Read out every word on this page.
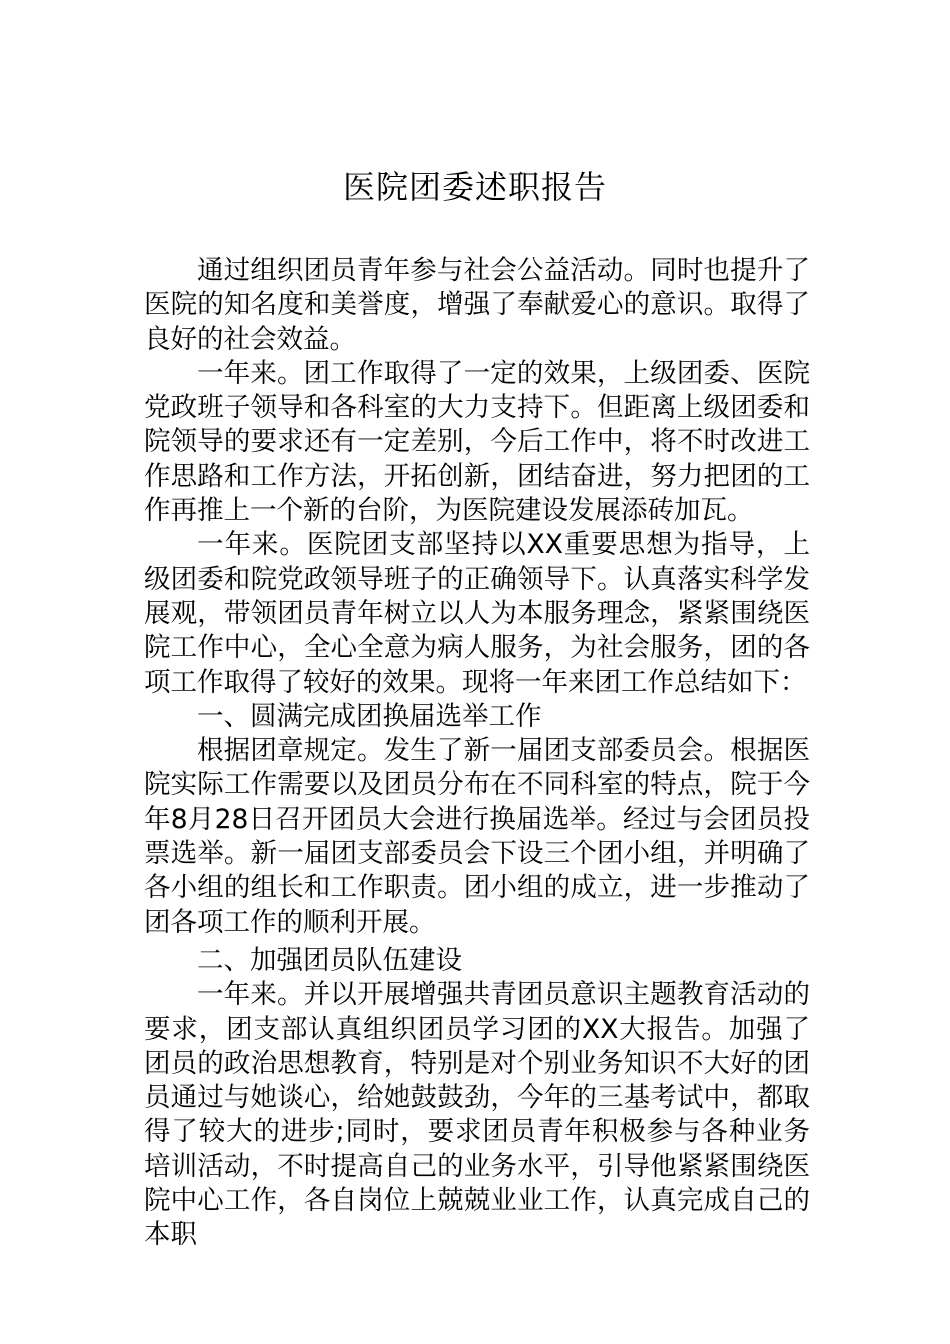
医院团委述职报告

通过组织团员青年参与社会公益活动。同时也提升了医院的知名度和美誉度，增强了奉献爱心的意识。取得了良好的社会效益。

一年来。团工作取得了一定的效果，上级团委、医院党政班子领导和各科室的大力支持下。但距离上级团委和院领导的要求还有一定差别，今后工作中，将不时改进工作思路和工作方法，开拓创新，团结奋进，努力把团的工作再推上一个新的台阶，为医院建设发展添砖加瓦。

一年来。医院团支部坚持以XX重要思想为指导，上级团委和院党政领导班子的正确领导下。认真落实科学发展观，带领团员青年树立以人为本服务理念，紧紧围绕医院工作中心，全心全意为病人服务，为社会服务，团的各项工作取得了较好的效果。现将一年来团工作总结如下：

一、圆满完成团换届选举工作

根据团章规定。发生了新一届团支部委员会。根据医院实际工作需要以及团员分布在不同科室的特点，院于今年8月28日召开团员大会进行换届选举。经过与会团员投票选举。新一届团支部委员会下设三个团小组，并明确了各小组的组长和工作职责。团小组的成立，进一步推动了团各项工作的顺利开展。

二、加强团员队伍建设

一年来。并以开展增强共青团员意识主题教育活动的要求，团支部认真组织团员学习团的XX大报告。加强了团员的政治思想教育，特别是对个别业务知识不大好的团员通过与她谈心，给她鼓鼓劲，今年的三基考试中，都取得了较大的进步;同时，要求团员青年积极参与各种业务培训活动，不时提高自己的业务水平，引导他紧紧围绕医院中心工作，各自岗位上兢兢业业工作，认真完成自己的本职
